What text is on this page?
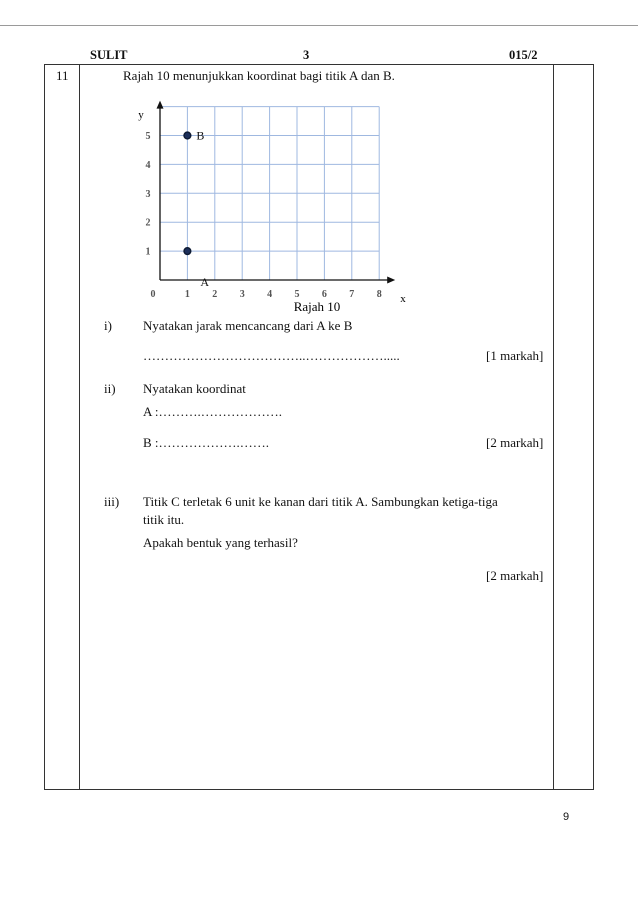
SULIT	3	015/2
11	Rajah 10 menunjukkan koordinat bagi titik A dan B.
0	1 2 3 4 5 6 7 8
1
2
3
4
5
A
B
Rajah 10	x
y
i) Nyatakan jarak mencancang dari A ke B
………………………………..……………….....	[1 markah]
ii) Nyatakan koordinat
A :……….……………….
B :……………….…….	[2 markah]
iii) Titik C terletak 6 unit ke kanan dari titik A. Sambungkan ketiga-tiga
titik itu.
Apakah bentuk yang terhasil?
[2 markah]
9
